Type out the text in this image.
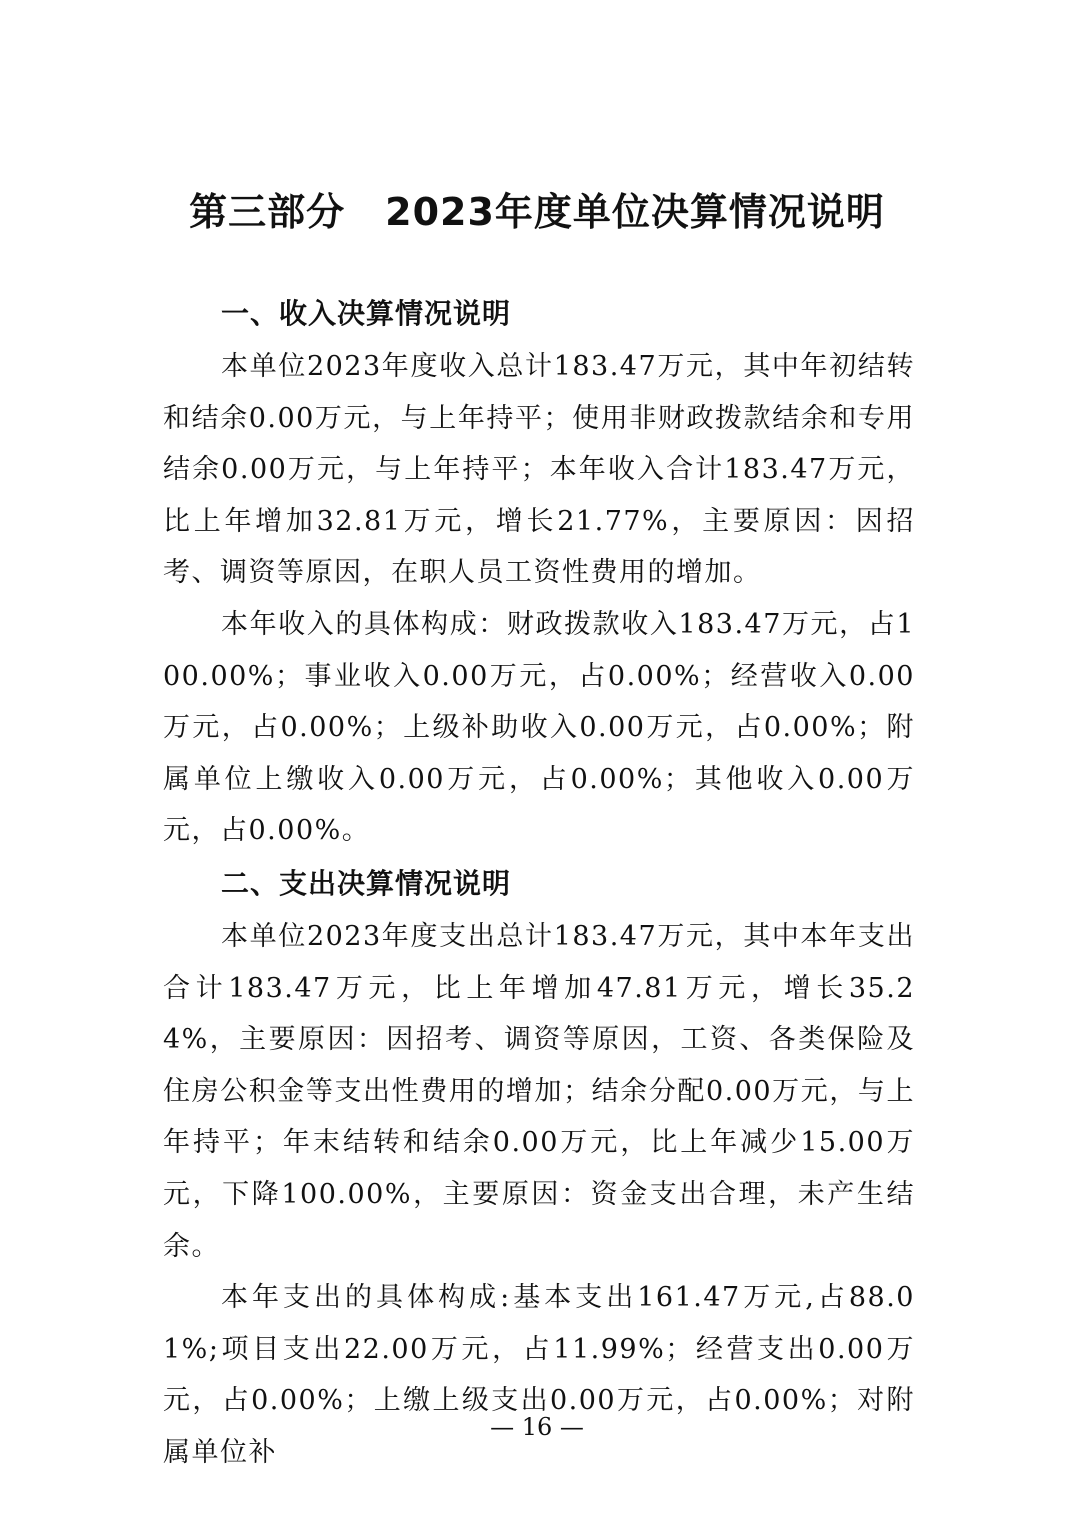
第三部分 2023年度单位决算情况说明
一、收入决算情况说明

本单位2023年度收入总计183.47万元，其中年初结转和结余0.00万元，与上年持平；使用非财政拨款结余和专用结余0.00万元，与上年持平；本年收入合计183.47万元，比上年增加32.81万元，增长21.77%，主要原因：因招考、调资等原因，在职人员工资性费用的增加。

本年收入的具体构成：财政拨款收入183.47万元，占100.00%；事业收入0.00万元，占0.00%；经营收入0.00万元，占0.00%；上级补助收入0.00万元，占0.00%；附属单位上缴收入0.00万元，占0.00%；其他收入0.00万元，占0.00%。

二、支出决算情况说明

本单位2023年度支出总计183.47万元，其中本年支出合计183.47万元，比上年增加47.81万元，增长35.24%，主要原因：因招考、调资等原因，工资、各类保险及住房公积金等支出性费用的增加；结余分配0.00万元，与上年持平；年末结转和结余0.00万元，比上年减少15.00万元，下降100.00%，主要原因：资金支出合理，未产生结余。

本年支出的具体构成:基本支出161.47万元,占88.01%;项目支出22.00万元，占11.99%；经营支出0.00万元，占0.00%；上缴上级支出0.00万元，占0.00%；对附属单位补

— 16 —
